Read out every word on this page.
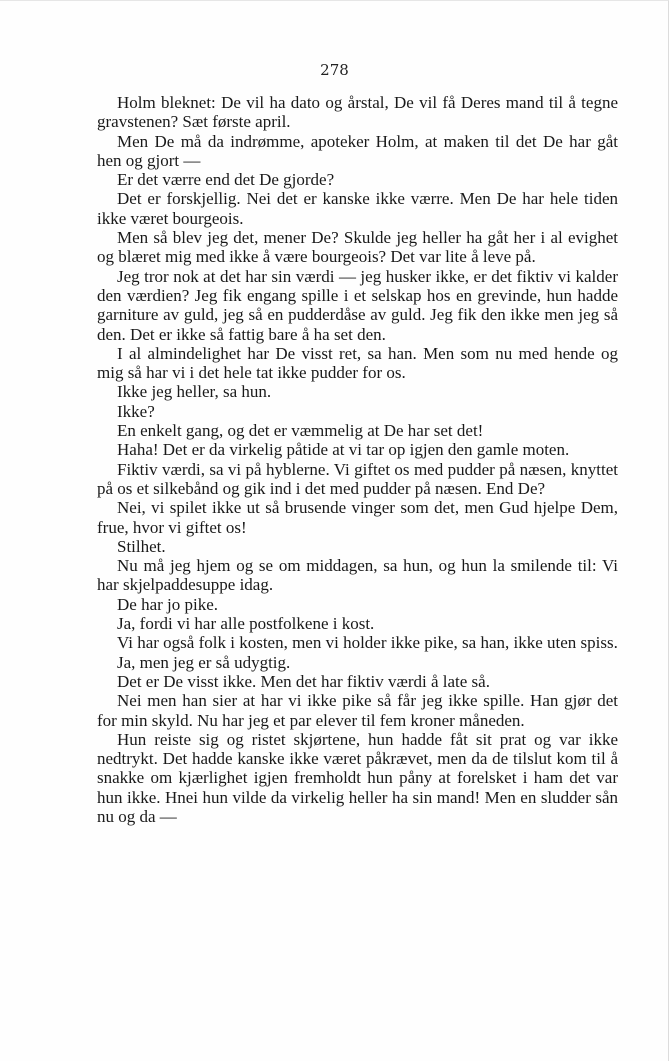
278

Holm bleknet: De vil ha dato og årstal, De vil få Deres mand til å tegne gravstenen? Sæt første april.

Men De må da indrømme, apoteker Holm, at maken til det De har gåt hen og gjort —

Er det værre end det De gjorde?

Det er forskjellig. Nei det er kanske ikke værre. Men De har hele tiden ikke været bourgeois.

Men så blev jeg det, mener De? Skulde jeg heller ha gåt her i al evighet og blæret mig med ikke å være bourgeois? Det var lite å leve på.

Jeg tror nok at det har sin værdi — jeg husker ikke, er det fiktiv vi kalder den værdien? Jeg fik engang spille i et selskap hos en grevinde, hun hadde garniture av guld, jeg så en pudderdåse av guld. Jeg fik den ikke men jeg så den. Det er ikke så fattig bare å ha set den.

I al almindelighet har De visst ret, sa han. Men som nu med hende og mig så har vi i det hele tat ikke pudder for os.

Ikke jeg heller, sa hun.

Ikke?

En enkelt gang, og det er væmmelig at De har set det!

Haha! Det er da virkelig påtide at vi tar op igjen den gamle moten.

Fiktiv værdi, sa vi på hyblerne. Vi giftet os med pudder på næsen, knyttet på os et silkebånd og gik ind i det med pudder på næsen. End De?

Nei, vi spilet ikke ut så brusende vinger som det, men Gud hjelpe Dem, frue, hvor vi giftet os!

Stilhet.

Nu må jeg hjem og se om middagen, sa hun, og hun la smilende til: Vi har skjelpaddesuppe idag.

De har jo pike.

Ja, fordi vi har alle postfolkene i kost.

Vi har også folk i kosten, men vi holder ikke pike, sa han, ikke uten spiss.

Ja, men jeg er så udygtig.

Det er De visst ikke. Men det har fiktiv værdi å late så.

Nei men han sier at har vi ikke pike så får jeg ikke spille. Han gjør det for min skyld. Nu har jeg et par elever til fem kroner måneden.

Hun reiste sig og ristet skjørtene, hun hadde fåt sit prat og var ikke nedtrykt. Det hadde kanske ikke været påkrævet, men da de tilslut kom til å snakke om kjærlighet igjen fremholdt hun pånу at forelsket i ham det var hun ikke. Hnei hun vilde da virkelig heller ha sin mand! Men en sludder sån nu og da —
